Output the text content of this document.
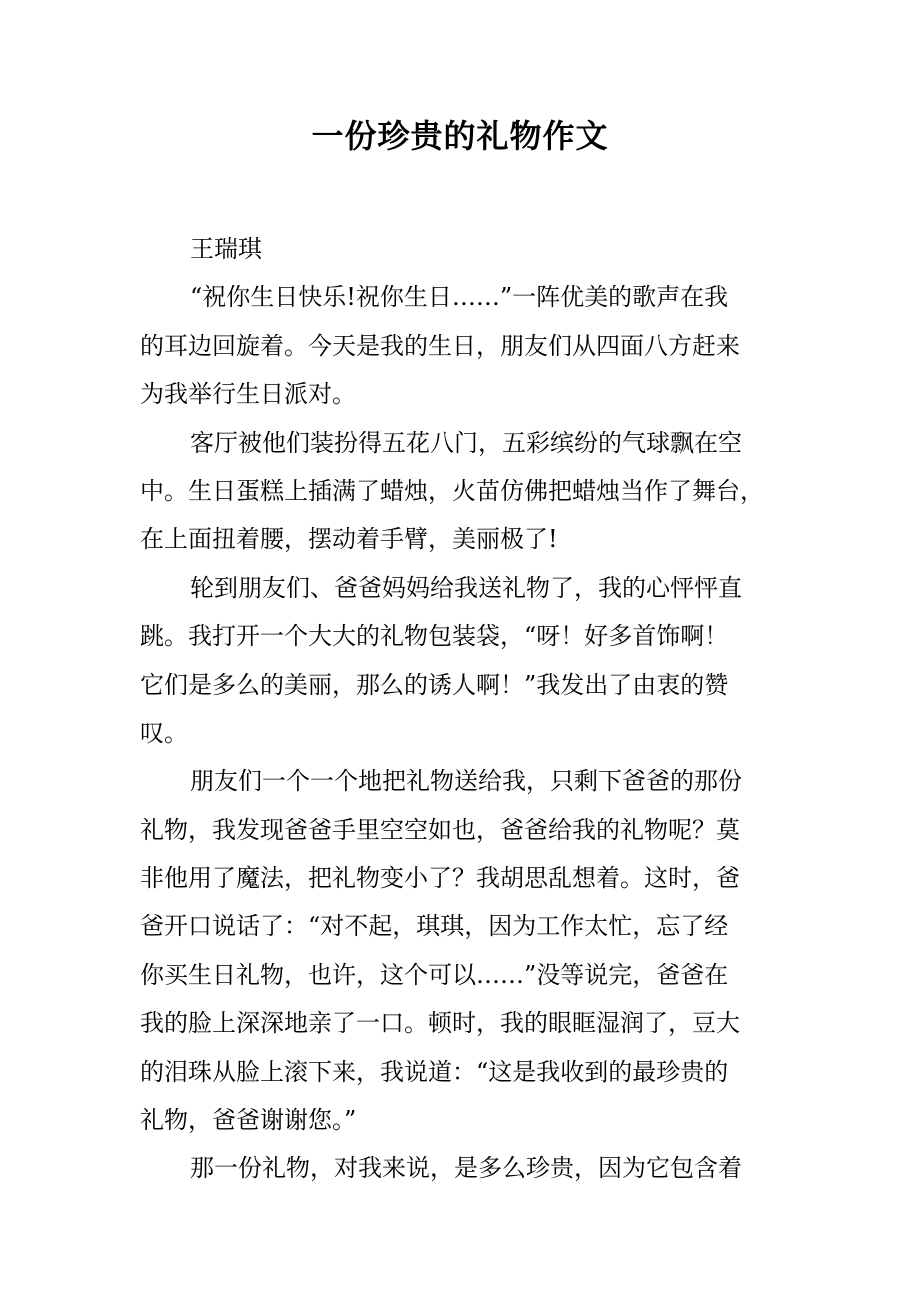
一份珍贵的礼物作文
王瑞琪
“祝你生日快乐!祝你生日……”一阵优美的歌声在我
的耳边回旋着。今天是我的生日，朋友们从四面八方赶来
为我举行生日派对。
客厅被他们装扮得五花八门，五彩缤纷的气球飘在空
中。生日蛋糕上插满了蜡烛，火苗仿佛把蜡烛当作了舞台，
在上面扭着腰，摆动着手臂，美丽极了!
轮到朋友们、爸爸妈妈给我送礼物了，我的心怦怦直
跳。我打开一个大大的礼物包装袋，“呀！好多首饰啊！
它们是多么的美丽，那么的诱人啊！”我发出了由衷的赞
叹。
朋友们一个一个地把礼物送给我，只剩下爸爸的那份
礼物，我发现爸爸手里空空如也，爸爸给我的礼物呢？莫
非他用了魔法，把礼物变小了？我胡思乱想着。这时，爸
爸开口说话了：“对不起，琪琪，因为工作太忙，忘了经
你买生日礼物，也许，这个可以……”没等说完，爸爸在
我的脸上深深地亲了一口。顿时，我的眼眶湿润了，豆大
的泪珠从脸上滚下来，我说道：“这是我收到的最珍贵的
礼物，爸爸谢谢您。”
那一份礼物，对我来说，是多么珍贵，因为它包含着
